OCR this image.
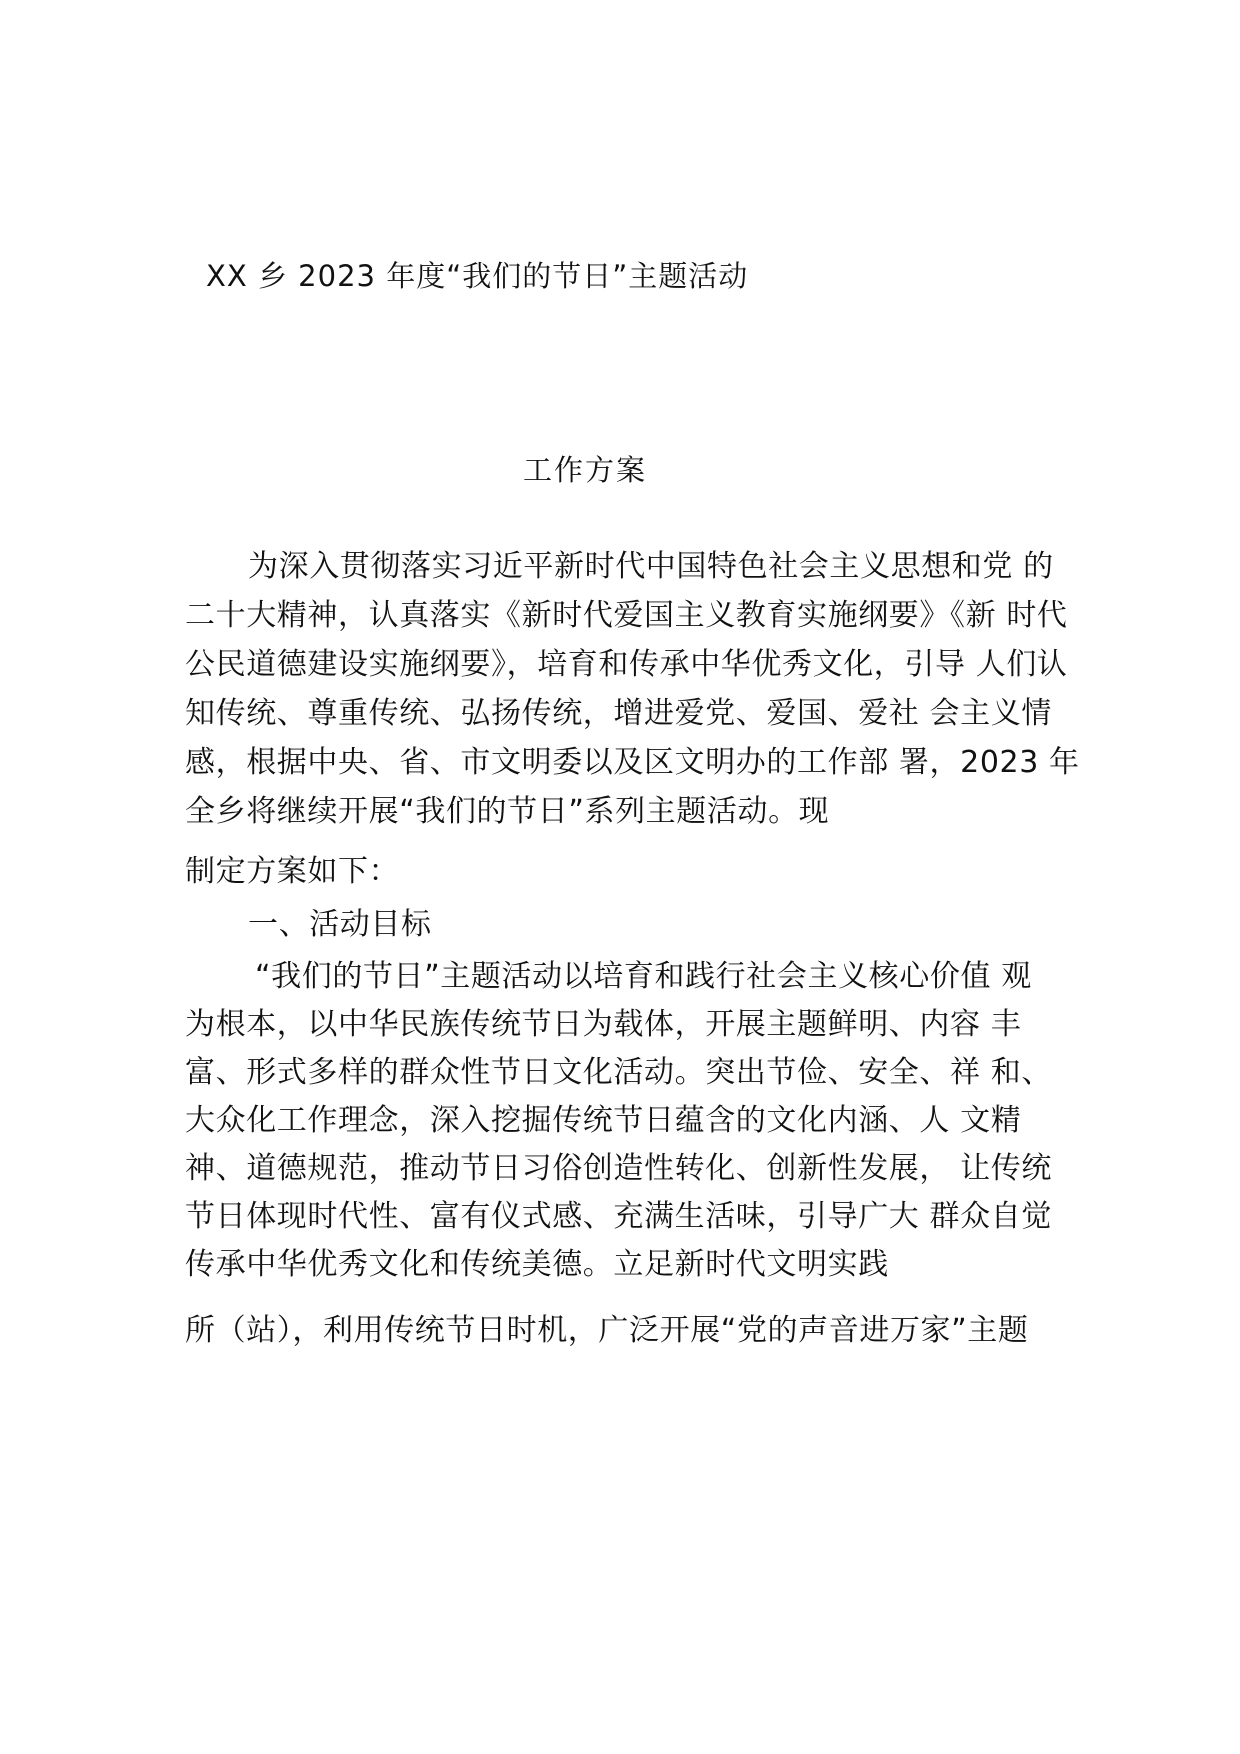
XX 乡 2023 年度“我们的节日”主题活动
工作方案
为深入贯彻落实习近平新时代中国特色社会主义思想和党 的
二十大精神，认真落实《新时代爱国主义教育实施纲要》《新 时代
公民道德建设实施纲要》，培育和传承中华优秀文化，引导 人们认
知传统、尊重传统、弘扬传统，增进爱党、爱国、爱社 会主义情
感，根据中央、省、市文明委以及区文明办的工作部 署，2023 年
全乡将继续开展“我们的节日”系列主题活动。现
制定方案如下：
一、活动目标
“我们的节日”主题活动以培育和践行社会主义核心价值 观
为根本，以中华民族传统节日为载体，开展主题鲜明、内容 丰
富、形式多样的群众性节日文化活动。突出节俭、安全、祥 和、
大众化工作理念，深入挖掘传统节日蕴含的文化内涵、人 文精
神、道德规范，推动节日习俗创造性转化、创新性发展， 让传统
节日体现时代性、富有仪式感、充满生活味，引导广大 群众自觉
传承中华优秀文化和传统美德。立足新时代文明实践
所（站），利用传统节日时机，广泛开展“党的声音进万家”主题
